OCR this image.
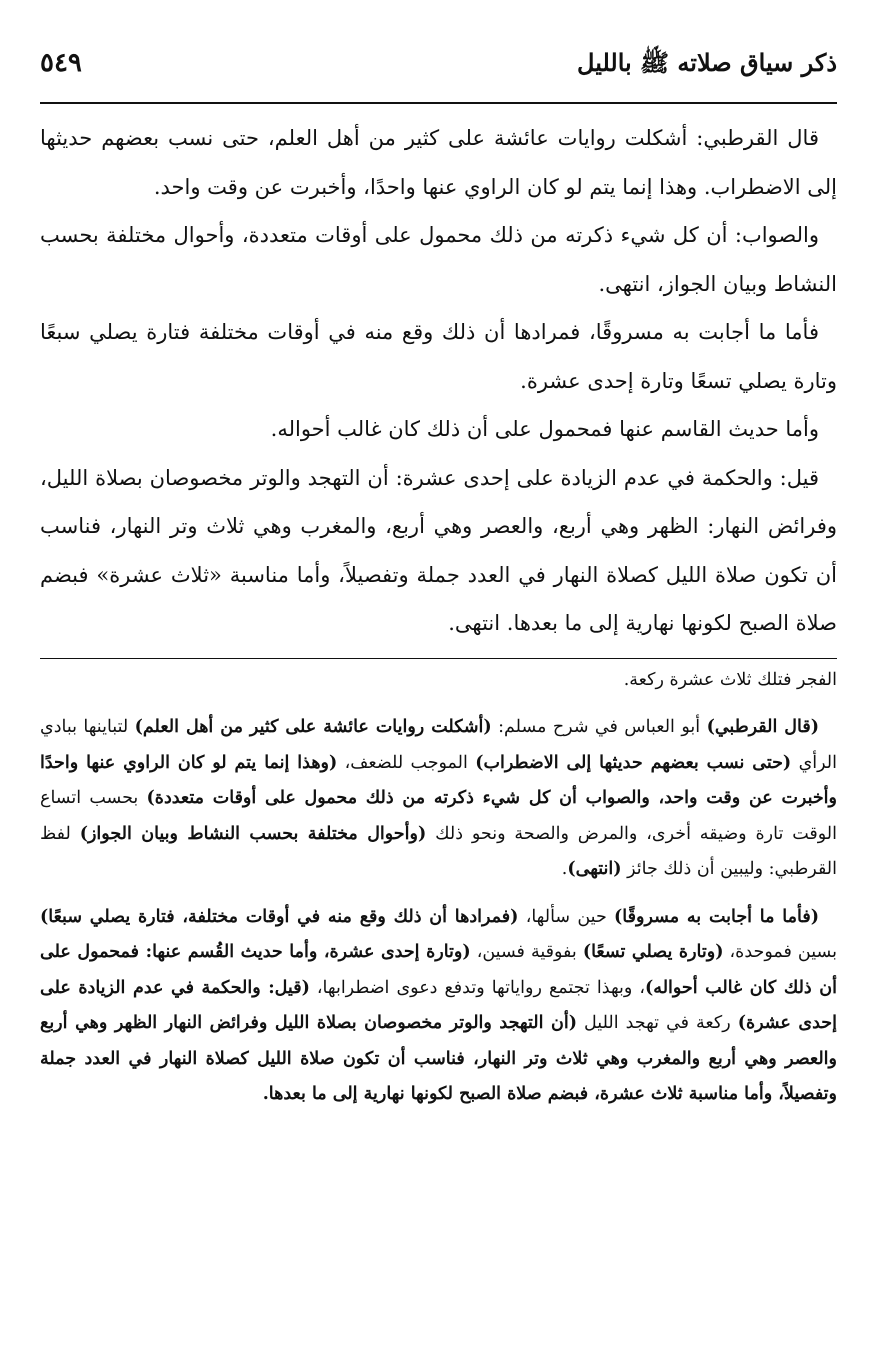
ذكر سياق صلاته ﷺ بالليل
٥٤٩

قال القرطبي: أشكلت روايات عائشة على كثير من أهل العلم، حتى نسب بعضهم حديثها إلى الاضطراب. وهذا إنما يتم لو كان الراوي عنها واحدًا، وأخبرت عن وقت واحد.

والصواب: أن كل شيء ذكرته من ذلك محمول على أوقات متعددة، وأحوال مختلفة بحسب النشاط وبيان الجواز، انتهى.

فأما ما أجابت به مسروقًا، فمرادها أن ذلك وقع منه في أوقات مختلفة فتارة يصلي سبعًا وتارة يصلي تسعًا وتارة إحدى عشرة.

وأما حديث القاسم عنها فمحمول على أن ذلك كان غالب أحواله.

قيل: والحكمة في عدم الزيادة على إحدى عشرة: أن التهجد والوتر مخصوصان بصلاة الليل، وفرائض النهار: الظهر وهي أربع، والعصر وهي أربع، والمغرب وهي ثلاث وتر النهار، فناسب أن تكون صلاة الليل كصلاة النهار في العدد جملة وتفصيلاً، وأما مناسبة «ثلاث عشرة» فبضم صلاة الصبح لكونها نهارية إلى ما بعدها. انتهى.

الفجر فتلك ثلاث عشرة ركعة.

(قال القرطبي) أبو العباس في شرح مسلم: (أشكلت روايات عائشة على كثير من أهل العلم) لتباينها ببادي الرأي (حتى نسب بعضهم حديثها إلى الاضطراب) الموجب للضعف، (وهذا إنما يتم لو كان الراوي عنها واحدًا وأخبرت عن وقت واحد، والصواب أن كل شيء ذكرته من ذلك محمول على أوقات متعددة) بحسب اتساع الوقت تارة وضيقه أخرى، والمرض والصحة ونحو ذلك (وأحوال مختلفة بحسب النشاط وبيان الجواز) لفظ القرطبي: وليبين أن ذلك جائز (انتهى).

(فأما ما أجابت به مسروقًا) حين سألها، (فمرادها أن ذلك وقع منه في أوقات مختلفة، فتارة يصلي سبعًا) بسين فموحدة، (وتارة يصلي تسعًا) بفوقية فسين، (وتارة إحدى عشرة، وأما حديث القُسم عنها: فمحمول على أن ذلك كان غالب أحواله)، وبهذا تجتمع رواياتها وتدفع دعوى اضطرابها، (قيل: والحكمة في عدم الزيادة على إحدى عشرة) ركعة في تهجد الليل (أن التهجد والوتر مخصوصان بصلاة الليل وفرائض النهار الظهر وهي أربع والعصر وهي أربع والمغرب وهي ثلاث وتر النهار، فناسب أن تكون صلاة الليل كصلاة النهار في العدد جملة وتفصيلاً، وأما مناسبة ثلاث عشرة، فبضم صلاة الصبح لكونها نهارية إلى ما بعدها.
